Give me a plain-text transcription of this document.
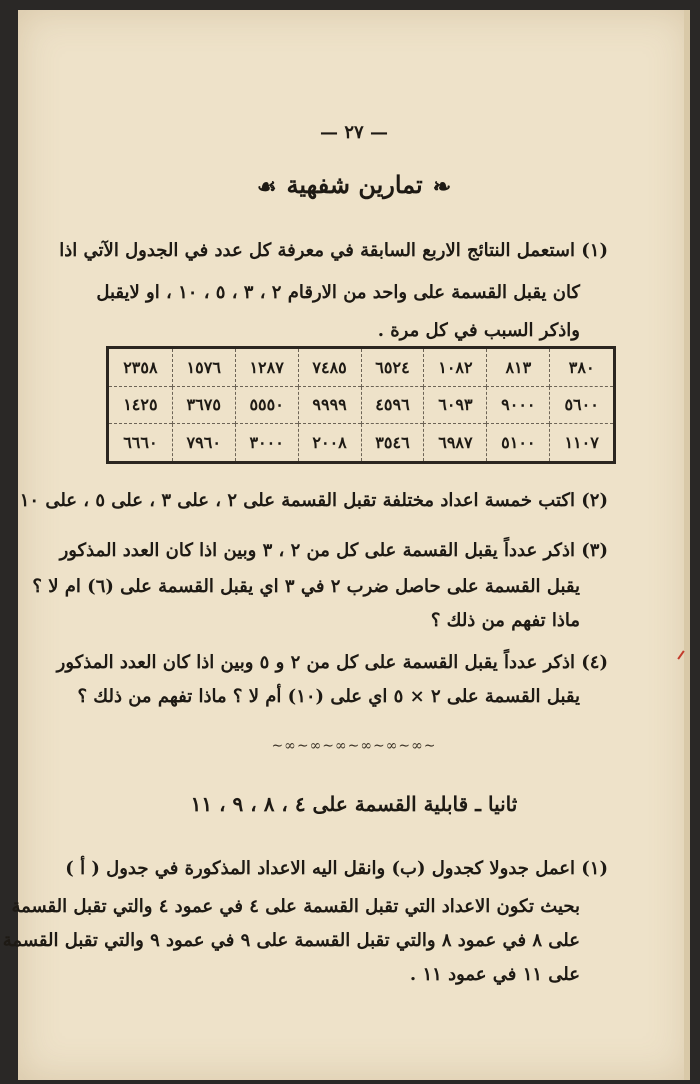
— ٢٧ —
❧تمارين شفهية☙
(١) استعمل النتائج الاربع السابقة في معرفة كل عدد في الجدول الآتي اذا
كان يقبل القسمة على واحد من الارقام ٢ ، ٣ ، ٥ ، ١٠ ، او لايقبل
واذكر السبب في كل مرة .
٣٨٠	٨١٣	١٠٨٢	٦٥٢٤	٧٤٨٥	١٢٨٧	١٥٧٦	٢٣٥٨
٥٦٠٠	٩٠٠٠	٦٠٩٣	٤٥٩٦	٩٩٩٩	٥٥٥٠	٣٦٧٥	١٤٢٥
١١٠٧	٥١٠٠	٦٩٨٧	٣٥٤٦	٢٠٠٨	٣٠٠٠	٧٩٦٠	٦٦٦٠
(٢) اكتب خمسة اعداد مختلفة تقبل القسمة على ٢ ، على ٣ ، على ٥ ، على ١٠
(٣) اذكر عدداً يقبل القسمة على كل من ٢ ، ٣ وبين اذا كان العدد المذكور
يقبل القسمة على حاصل ضرب ٢ في ٣ اي يقبل القسمة على (٦) ام لا ؟
ماذا تفهم من ذلك ؟
(٤) اذكر عدداً يقبل القسمة على كل من ٢ و ٥ وبين اذا كان العدد المذكور
يقبل القسمة على ٢ × ٥ اي على (١٠) أم لا ؟ ماذا تفهم من ذلك ؟
∽∞∽∞∽∞∽∞∽∞∽∞∽
ثانيا ـ قابلية القسمة على ٤ ، ٨ ، ٩ ، ١١
(١) اعمل جدولا كجدول (ب) وانقل اليه الاعداد المذكورة في جدول ( أ )
بحيث تكون الاعداد التي تقبل القسمة على ٤ في عمود ٤ والتي تقبل القسمة
على ٨ في عمود ٨ والتي تقبل القسمة على ٩ في عمود ٩ والتي تقبل القسمة
على ١١ في عمود ١١ .
